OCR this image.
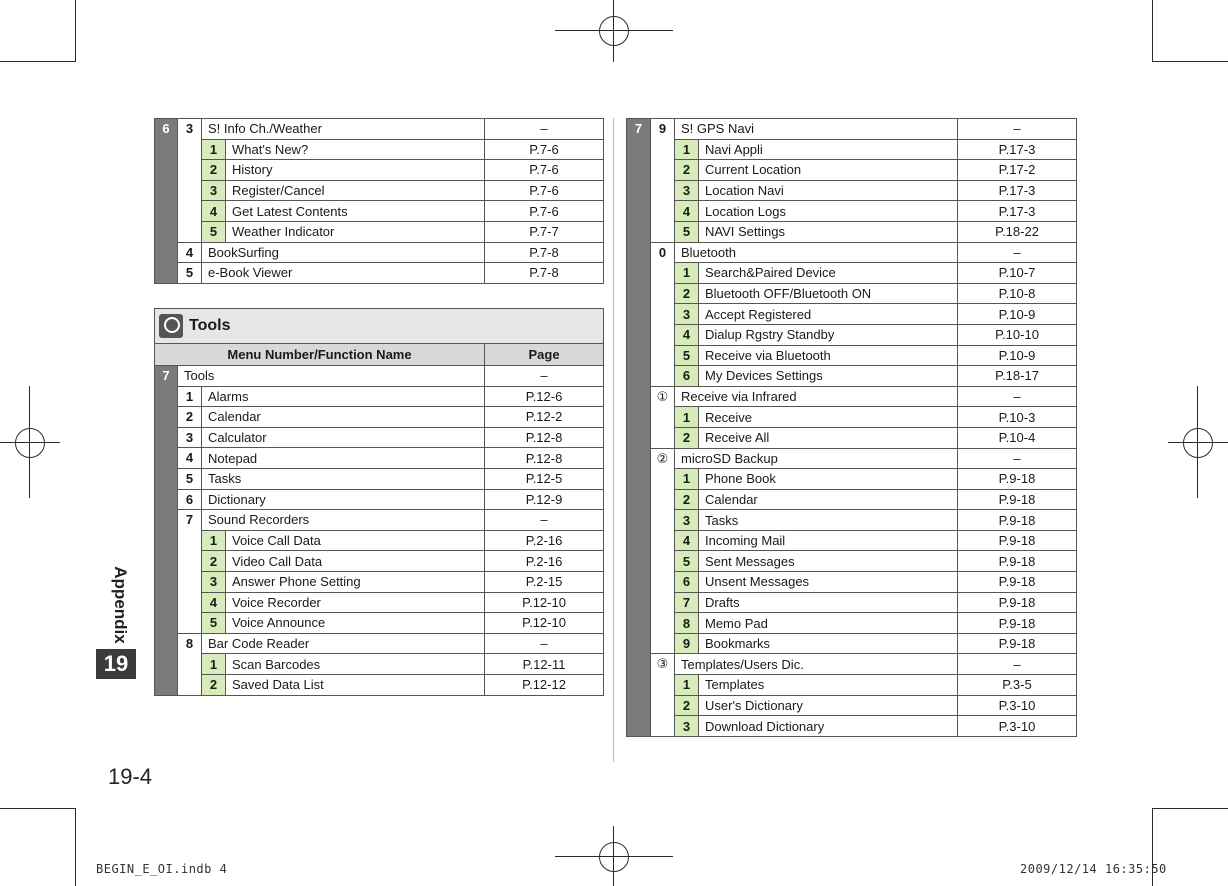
Appendix
19
19-4
BEGIN_E_OI.indb 4	2009/12/14 16:35:50
6	3	S! Info Ch./Weather		–
		1	What's New?	P.7-6
		2	History	P.7-6
		3	Register/Cancel	P.7-6
		4	Get Latest Contents	P.7-6
		5	Weather Indicator	P.7-7
	4	BookSurfing		P.7-8
	5	e-Book Viewer		P.7-8
Tools				
Menu Number/Function Name				Page
7	Tools			–
	1	Alarms		P.12-6
	2	Calendar		P.12-2
	3	Calculator		P.12-8
	4	Notepad		P.12-8
	5	Tasks		P.12-5
	6	Dictionary		P.12-9
	7	Sound Recorders		–
		1	Voice Call Data	P.2-16
		2	Video Call Data	P.2-16
		3	Answer Phone Setting	P.2-15
		4	Voice Recorder	P.12-10
		5	Voice Announce	P.12-10
	8	Bar Code Reader		–
		1	Scan Barcodes	P.12-11
		2	Saved Data List	P.12-12
7	9	S! GPS Navi		–
		1	Navi Appli	P.17-3
		2	Current Location	P.17-2
		3	Location Navi	P.17-3
		4	Location Logs	P.17-3
		5	NAVI Settings	P.18-22
	0	Bluetooth		–
		1	Search&Paired Device	P.10-7
		2	Bluetooth OFF/Bluetooth ON	P.10-8
		3	Accept Registered	P.10-9
		4	Dialup Rgstry Standby	P.10-10
		5	Receive via Bluetooth	P.10-9
		6	My Devices Settings	P.18-17
	①	Receive via Infrared		–
		1	Receive	P.10-3
		2	Receive All	P.10-4
	②	microSD Backup		–
		1	Phone Book	P.9-18
		2	Calendar	P.9-18
		3	Tasks	P.9-18
		4	Incoming Mail	P.9-18
		5	Sent Messages	P.9-18
		6	Unsent Messages	P.9-18
		7	Drafts	P.9-18
		8	Memo Pad	P.9-18
		9	Bookmarks	P.9-18
	③	Templates/Users Dic.		–
		1	Templates	P.3-5
		2	User's Dictionary	P.3-10
		3	Download Dictionary	P.3-10
